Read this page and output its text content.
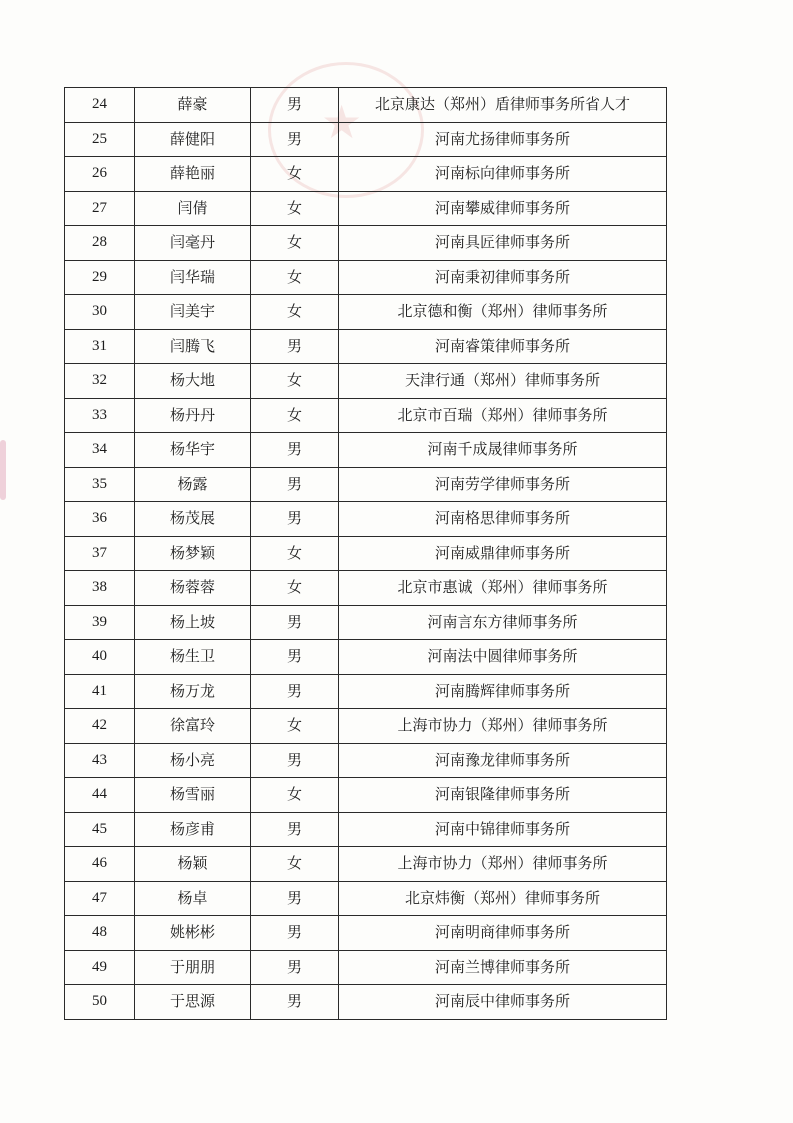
★
24	薛豪	男	北京康达（郑州）盾律师事务所省人才
25	薛健阳	男	河南尤扬律师事务所
26	薛艳丽	女	河南标向律师事务所
27	闫倩	女	河南攀威律师事务所
28	闫毫丹	女	河南具匠律师事务所
29	闫华瑞	女	河南秉初律师事务所
30	闫美宇	女	北京德和衡（郑州）律师事务所
31	闫腾飞	男	河南睿策律师事务所
32	杨大地	女	天津行通（郑州）律师事务所
33	杨丹丹	女	北京市百瑞（郑州）律师事务所
34	杨华宇	男	河南千成晟律师事务所
35	杨露	男	河南劳学律师事务所
36	杨茂展	男	河南格思律师事务所
37	杨梦颖	女	河南威鼎律师事务所
38	杨蓉蓉	女	北京市惠诚（郑州）律师事务所
39	杨上坡	男	河南言东方律师事务所
40	杨生卫	男	河南法中圆律师事务所
41	杨万龙	男	河南腾辉律师事务所
42	徐富玲	女	上海市协力（郑州）律师事务所
43	杨小亮	男	河南豫龙律师事务所
44	杨雪丽	女	河南银隆律师事务所
45	杨彦甫	男	河南中锦律师事务所
46	杨颖	女	上海市协力（郑州）律师事务所
47	杨卓	男	北京炜衡（郑州）律师事务所
48	姚彬彬	男	河南明商律师事务所
49	于朋朋	男	河南兰博律师事务所
50	于思源	男	河南辰中律师事务所
